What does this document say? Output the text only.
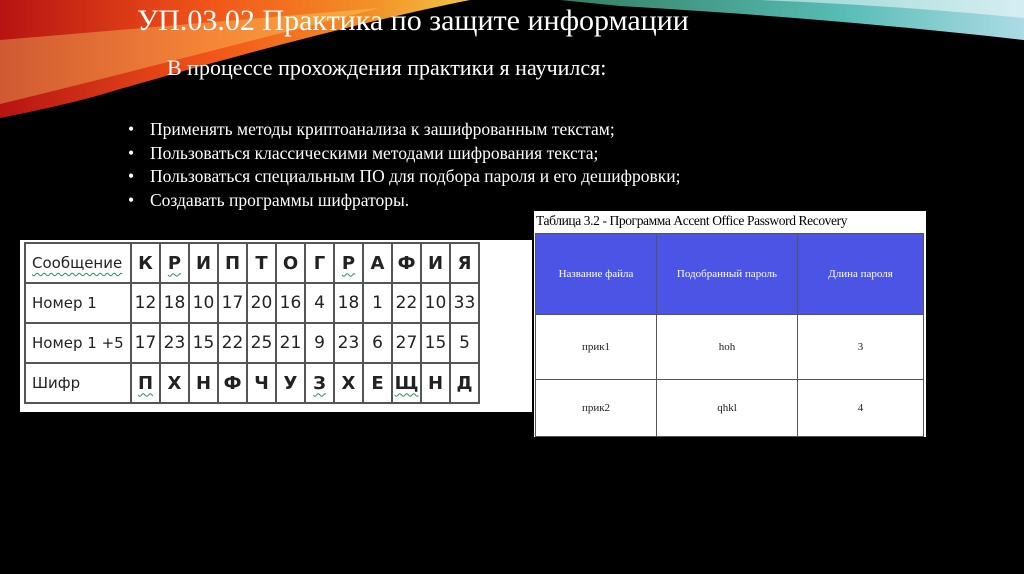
УП.03.02 Практика по защите информации
В процессе прохождения практики я научился:
• Применять методы криптоанализа к зашифрованным текстам;
• Пользоваться классическими методами шифрования текста;
• Пользоваться специальным ПО для подбора пароля и его дешифровки;
• Создавать программы шифраторы.
Сообщение	К	Р	И	П	Т	О	Г	Р	А	Ф	И	Я
Номер 1	12	18	10	17	20	16	4	18	1	22	10	33
Номер 1 +5	17	23	15	22	25	21	9	23	6	27	15	5
Шифр	П	Х	Н	Ф	Ч	У	З	Х	Е	Щ	Н	Д
Таблица 3.2 - Программа Accent Office Password Recovery
Название файла	Подобранный пароль	Длина пароля
прик1	hoh	3
прик2	qhkl	4
